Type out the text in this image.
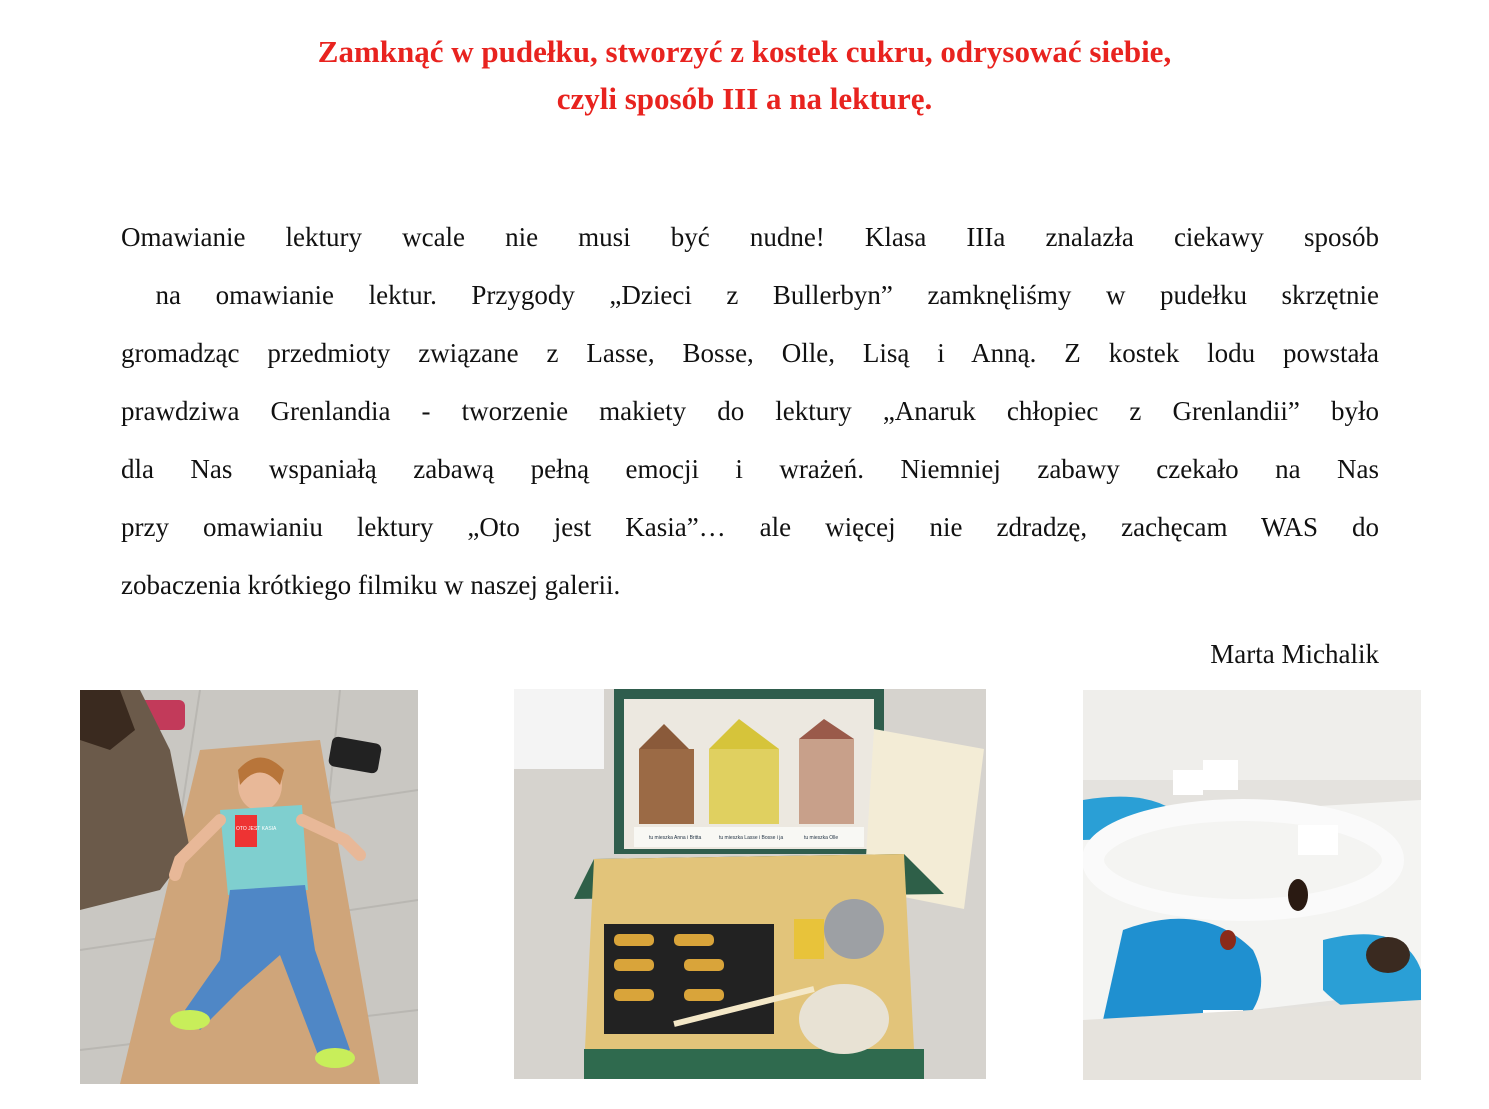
Zamknąć w pudełku, stworzyć z kostek cukru, odrysować siebie,
czyli sposób III a na lekturę.
Omawianie lektury wcale nie musi być nudne! Klasa IIIa znalazła ciekawy sposób
na omawianie lektur. Przygody „Dzieci z Bullerbyn” zamknęliśmy w pudełku skrzętnie
gromadząc przedmioty związane z Lasse, Bosse, Olle, Lisą i Anną. Z kostek lodu powstała
prawdziwa Grenlandia - tworzenie makiety do lektury „Anaruk chłopiec z Grenlandii” było
dla Nas wspaniałą zabawą pełną emocji i wrażeń. Niemniej zabawy czekało na Nas
przy omawianiu lektury „Oto jest Kasia”… ale więcej nie zdradzę, zachęcam WAS do
zobaczenia krótkiego filmiku w naszej galerii.
Marta Michalik
OTO JEST KASIA
tu mieszka Anna i Britta	tu mieszka Lasse i Bosse i ja	tu mieszka Olle
